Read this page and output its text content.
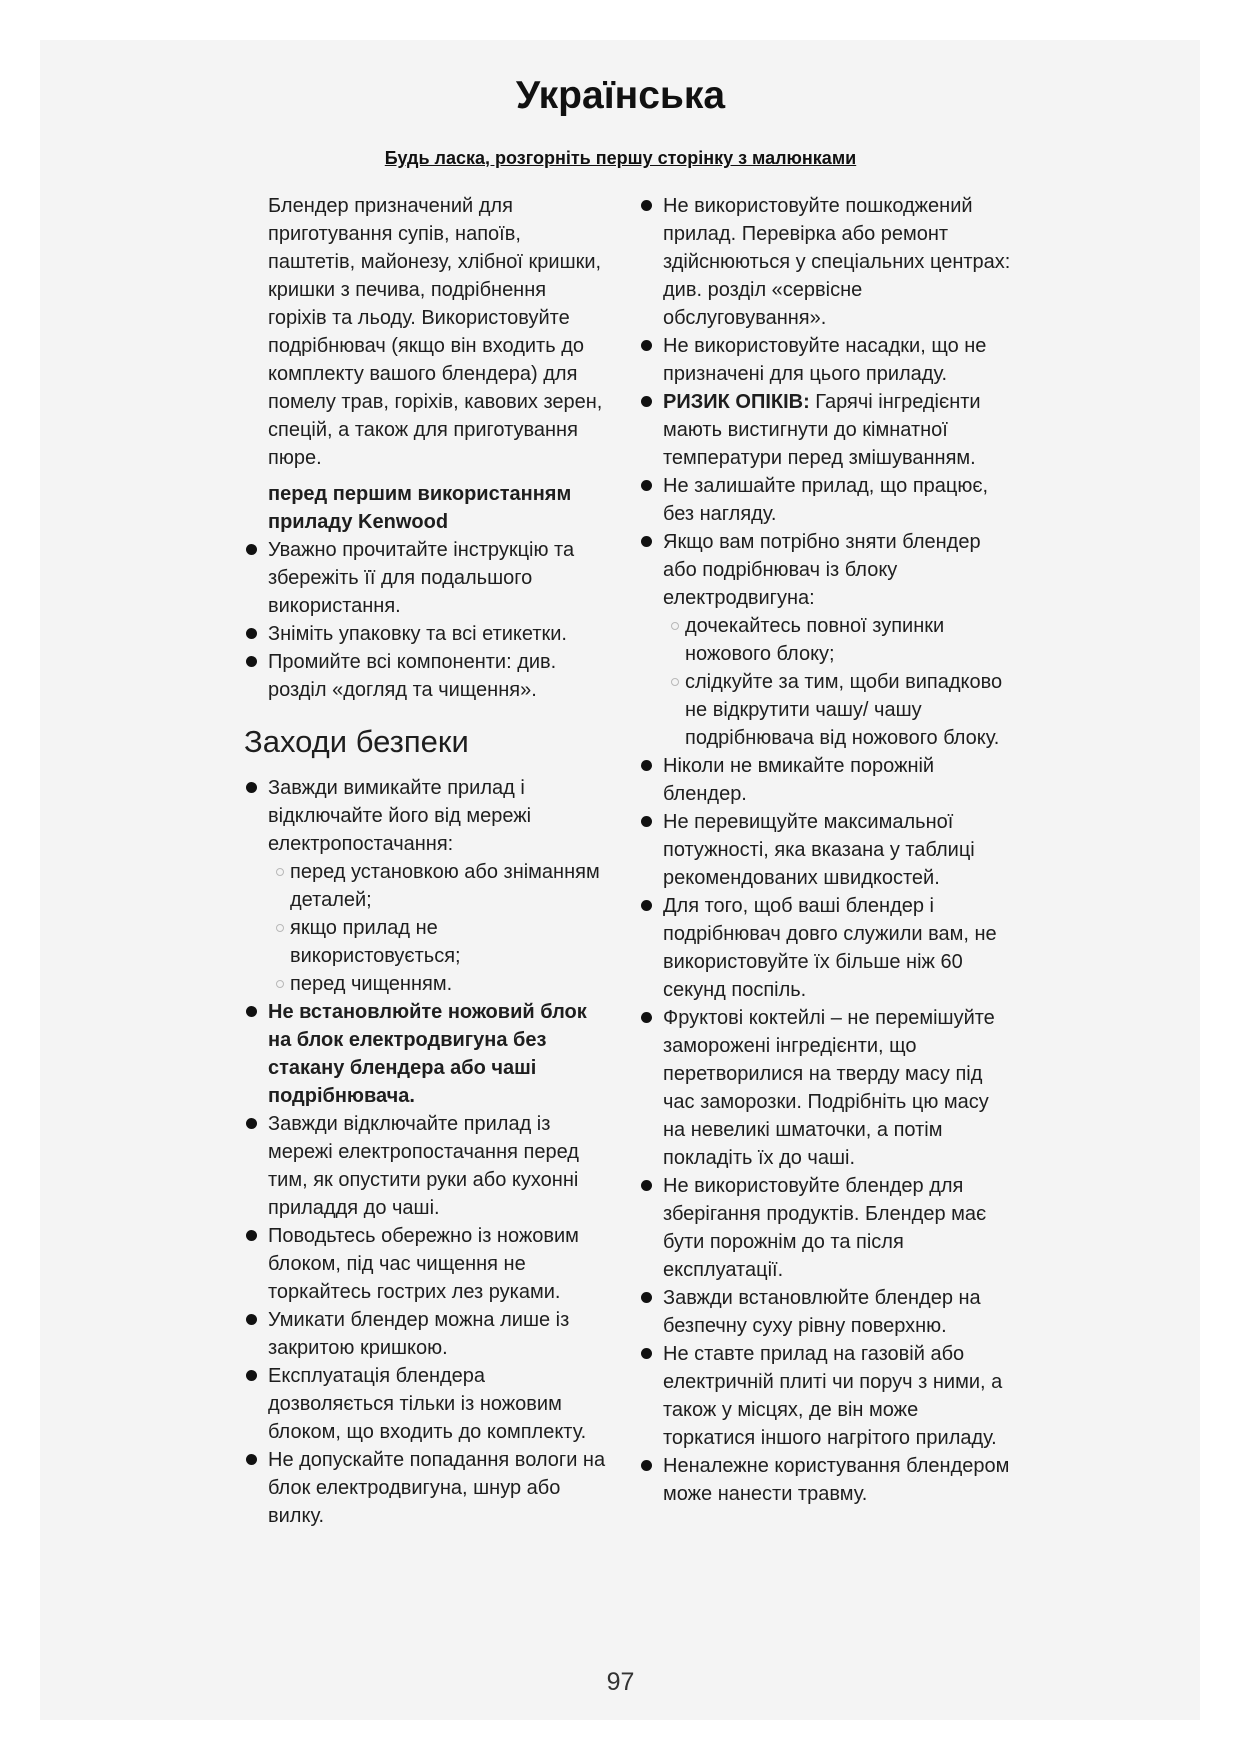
Українська
Будь ласка, розгорніть першу сторінку з малюнками

Блендер призначений для приготування супів, напоїв, паштетів, майонезу, хлібної кришки, кришки з печива, подрібнення горіхів та льоду. Використовуйте подрібнювач (якщо він входить до комплекту вашого блендера) для помелу трав, горіхів, кавових зерен, спецій, а також для приготування пюре.

перед першим використанням приладу Kenwood

Уважно прочитайте інструкцію та збережіть її для подальшого використання.
Зніміть упаковку та всі етикетки.
Промийте всі компоненти: див. розділ «догляд та чищення».
Заходи безпеки
Завжди вимикайте прилад і відключайте його від мережі електропостачання:
перед установкою або зніманням деталей;
якщо прилад не використовується;
перед чищенням.
Не встановлюйте ножовий блок на блок електродвигуна без стакану блендера або чаші подрібнювача.
Завжди відключайте прилад із мережі електропостачання перед тим, як опустити руки або кухонні приладдя до чаші.
Поводьтесь обережно із ножовим блоком, під час чищення не торкайтесь гострих лез руками.
Умикати блендер можна лише із закритою кришкою.
Експлуатація блендера дозволяється тільки із ножовим блоком, що входить до комплекту.
Не допускайте попадання вологи на блок електродвигуна, шнур або вилку.
Не використовуйте пошкоджений прилад. Перевірка або ремонт здійснюються у спеціальних центрах: див. розділ «сервісне обслуговування».
Не використовуйте насадки, що не призначені для цього приладу.
РИЗИК ОПІКІВ: Гарячі інгредієнти мають вистигнути до кімнатної температури перед змішуванням.
Не залишайте прилад, що працює, без нагляду.
Якщо вам потрібно зняти блендер або подрібнювач із блоку електродвигуна:
дочекайтесь повної зупинки ножового блоку;
слідкуйте за тим, щоби випадково не відкрутити чашу/ чашу подрібнювача від ножового блоку.
Ніколи не вмикайте порожній блендер.
Не перевищуйте максимальної потужності, яка вказана у таблиці рекомендованих швидкостей.
Для того, щоб ваші блендер і подрібнювач довго служили вам, не використовуйте їх більше ніж 60 секунд поспіль.
Фруктові коктейлі – не перемішуйте заморожені інгредієнти, що перетворилися на тверду масу під час заморозки. Подрібніть цю масу на невеликі шматочки, а потім покладіть їх до чаші.
Не використовуйте блендер для зберігання продуктів. Блендер має бути порожнім до та після експлуатації.
Завжди встановлюйте блендер на безпечну суху рівну поверхню.
Не ставте прилад на газовій або електричній плиті чи поруч з ними, а також у місцях, де він може торкатися іншого нагрітого приладу.
Неналежне користування блендером може нанести травму.
97
